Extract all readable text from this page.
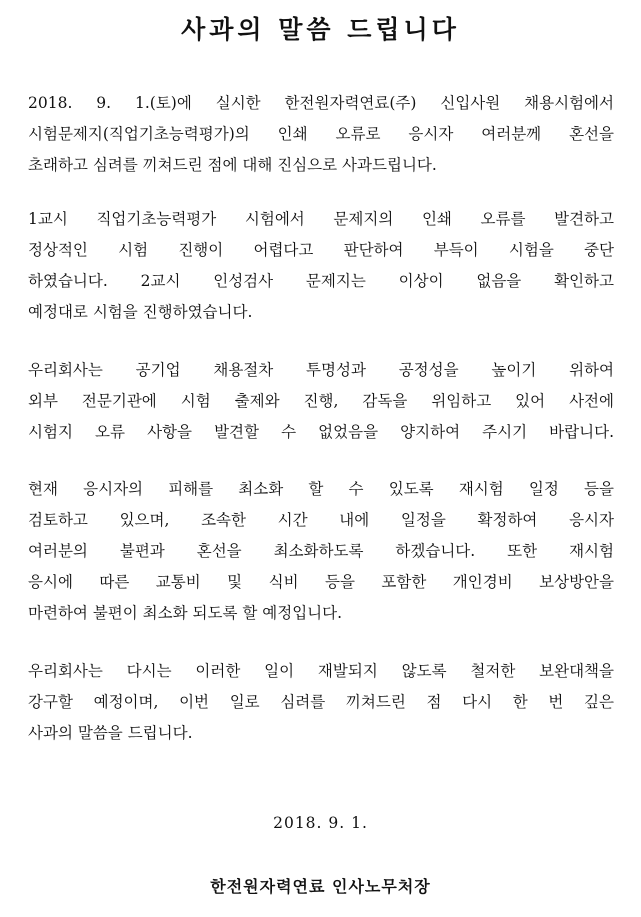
사과의 말씀 드립니다

2018. 9. 1.(토)에 실시한 한전원자력연료(주) 신입사원 채용시험에서
시험문제지(직업기초능력평가)의 인쇄 오류로 응시자 여러분께 혼선을
초래하고 심려를 끼쳐드린 점에 대해 진심으로 사과드립니다.

1교시 직업기초능력평가 시험에서 문제지의 인쇄 오류를 발견하고
정상적인 시험 진행이 어렵다고 판단하여 부득이 시험을 중단
하였습니다. 2교시 인성검사 문제지는 이상이 없음을 확인하고
예정대로 시험을 진행하였습니다.

우리회사는 공기업 채용절차 투명성과 공정성을 높이기 위하여
외부 전문기관에 시험 출제와 진행, 감독을 위임하고 있어 사전에
시험지 오류 사항을 발견할 수 없었음을 양지하여 주시기 바랍니다.

현재 응시자의 피해를 최소화 할 수 있도록 재시험 일정 등을
검토하고 있으며, 조속한 시간 내에 일정을 확정하여 응시자
여러분의 불편과 혼선을 최소화하도록 하겠습니다. 또한 재시험
응시에 따른 교통비 및 식비 등을 포함한 개인경비 보상방안을
마련하여 불편이 최소화 되도록 할 예정입니다.

우리회사는 다시는 이러한 일이 재발되지 않도록 철저한 보완대책을
강구할 예정이며, 이번 일로 심려를 끼쳐드린 점 다시 한 번 깊은
사과의 말씀을 드립니다.

2018. 9. 1.

한전원자력연료 인사노무처장
